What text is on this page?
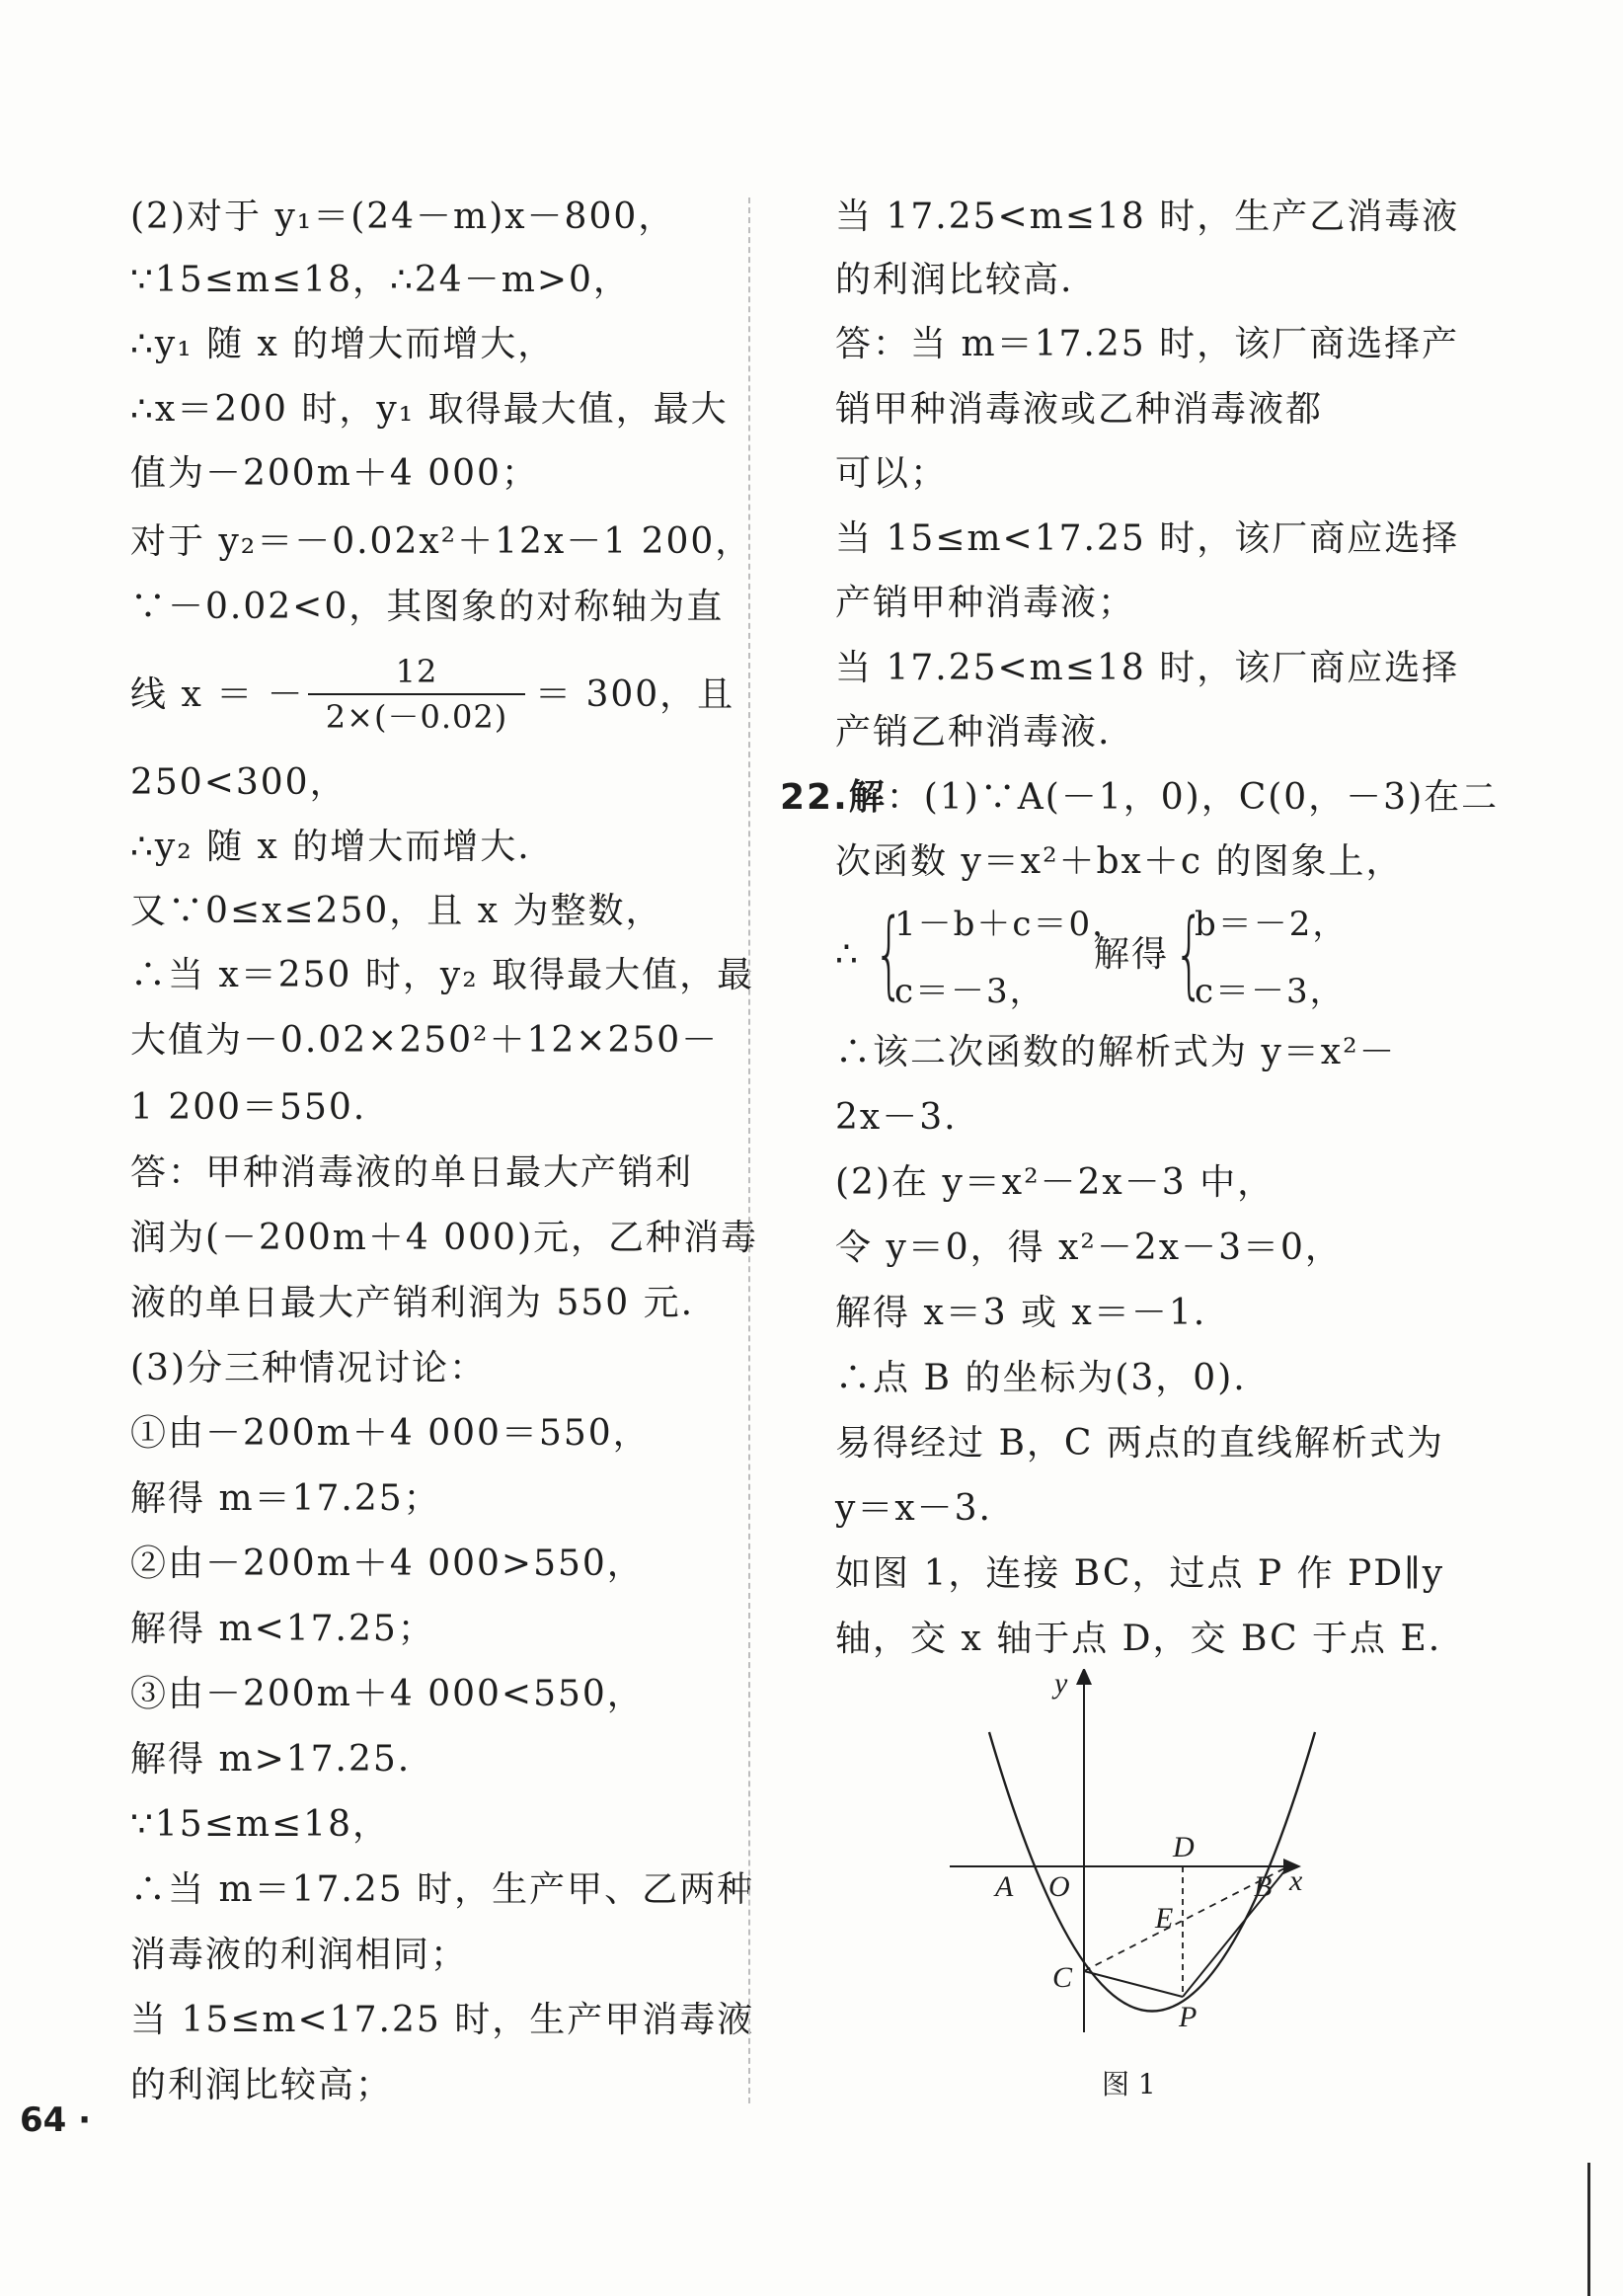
(2)对于 y₁＝(24－m)x－800，
∵15≤m≤18，∴24－m>0，
∴y₁ 随 x 的增大而增大，
∴x＝200 时，y₁ 取得最大值，最大
值为－200m＋4 000；
对于 y₂＝－0.02x²＋12x－1 200，
∵－0.02<0，其图象的对称轴为直
线 x ＝ －
12
2×(－0.02)
＝ 300，且
250<300，
∴y₂ 随 x 的增大而增大.
又∵0≤x≤250，且 x 为整数，
∴当 x＝250 时，y₂ 取得最大值，最
大值为－0.02×250²＋12×250－
1 200＝550.
答：甲种消毒液的单日最大产销利
润为(－200m＋4 000)元，乙种消毒
液的单日最大产销利润为 550 元.
(3)分三种情况讨论：
①由－200m＋4 000＝550，
解得 m＝17.25；
②由－200m＋4 000>550，
解得 m<17.25；
③由－200m＋4 000<550，
解得 m>17.25.
∵15≤m≤18，
∴当 m＝17.25 时，生产甲、乙两种
消毒液的利润相同；
当 15≤m<17.25 时，生产甲消毒液
的利润比较高；
当 17.25<m≤18 时，生产乙消毒液
的利润比较高.
答：当 m＝17.25 时，该厂商选择产
销甲种消毒液或乙种消毒液都
可以；
当 15≤m<17.25 时，该厂商应选择
产销甲种消毒液；
当 17.25<m≤18 时，该厂商应选择
产销乙种消毒液.
22.解：(1)∵A(－1，0)，C(0，－3)在二
次函数 y＝x²＋bx＋c 的图象上，
∴ {
1－b＋c＝0，
c＝－3，
解得 {
b＝－2，
c＝－3，
∴该二次函数的解析式为 y＝x²－
2x－3.
(2)在 y＝x²－2x－3 中，
令 y＝0，得 x²－2x－3＝0，
解得 x＝3 或 x＝－1.
∴点 B 的坐标为(3，0).
易得经过 B，C 两点的直线解析式为
y＝x－3.
如图 1，连接 BC，过点 P 作 PD∥y
轴，交 x 轴于点 D，交 BC 于点 E.
y
x
A O	B
C
D
E
P
图 1
64 ·
